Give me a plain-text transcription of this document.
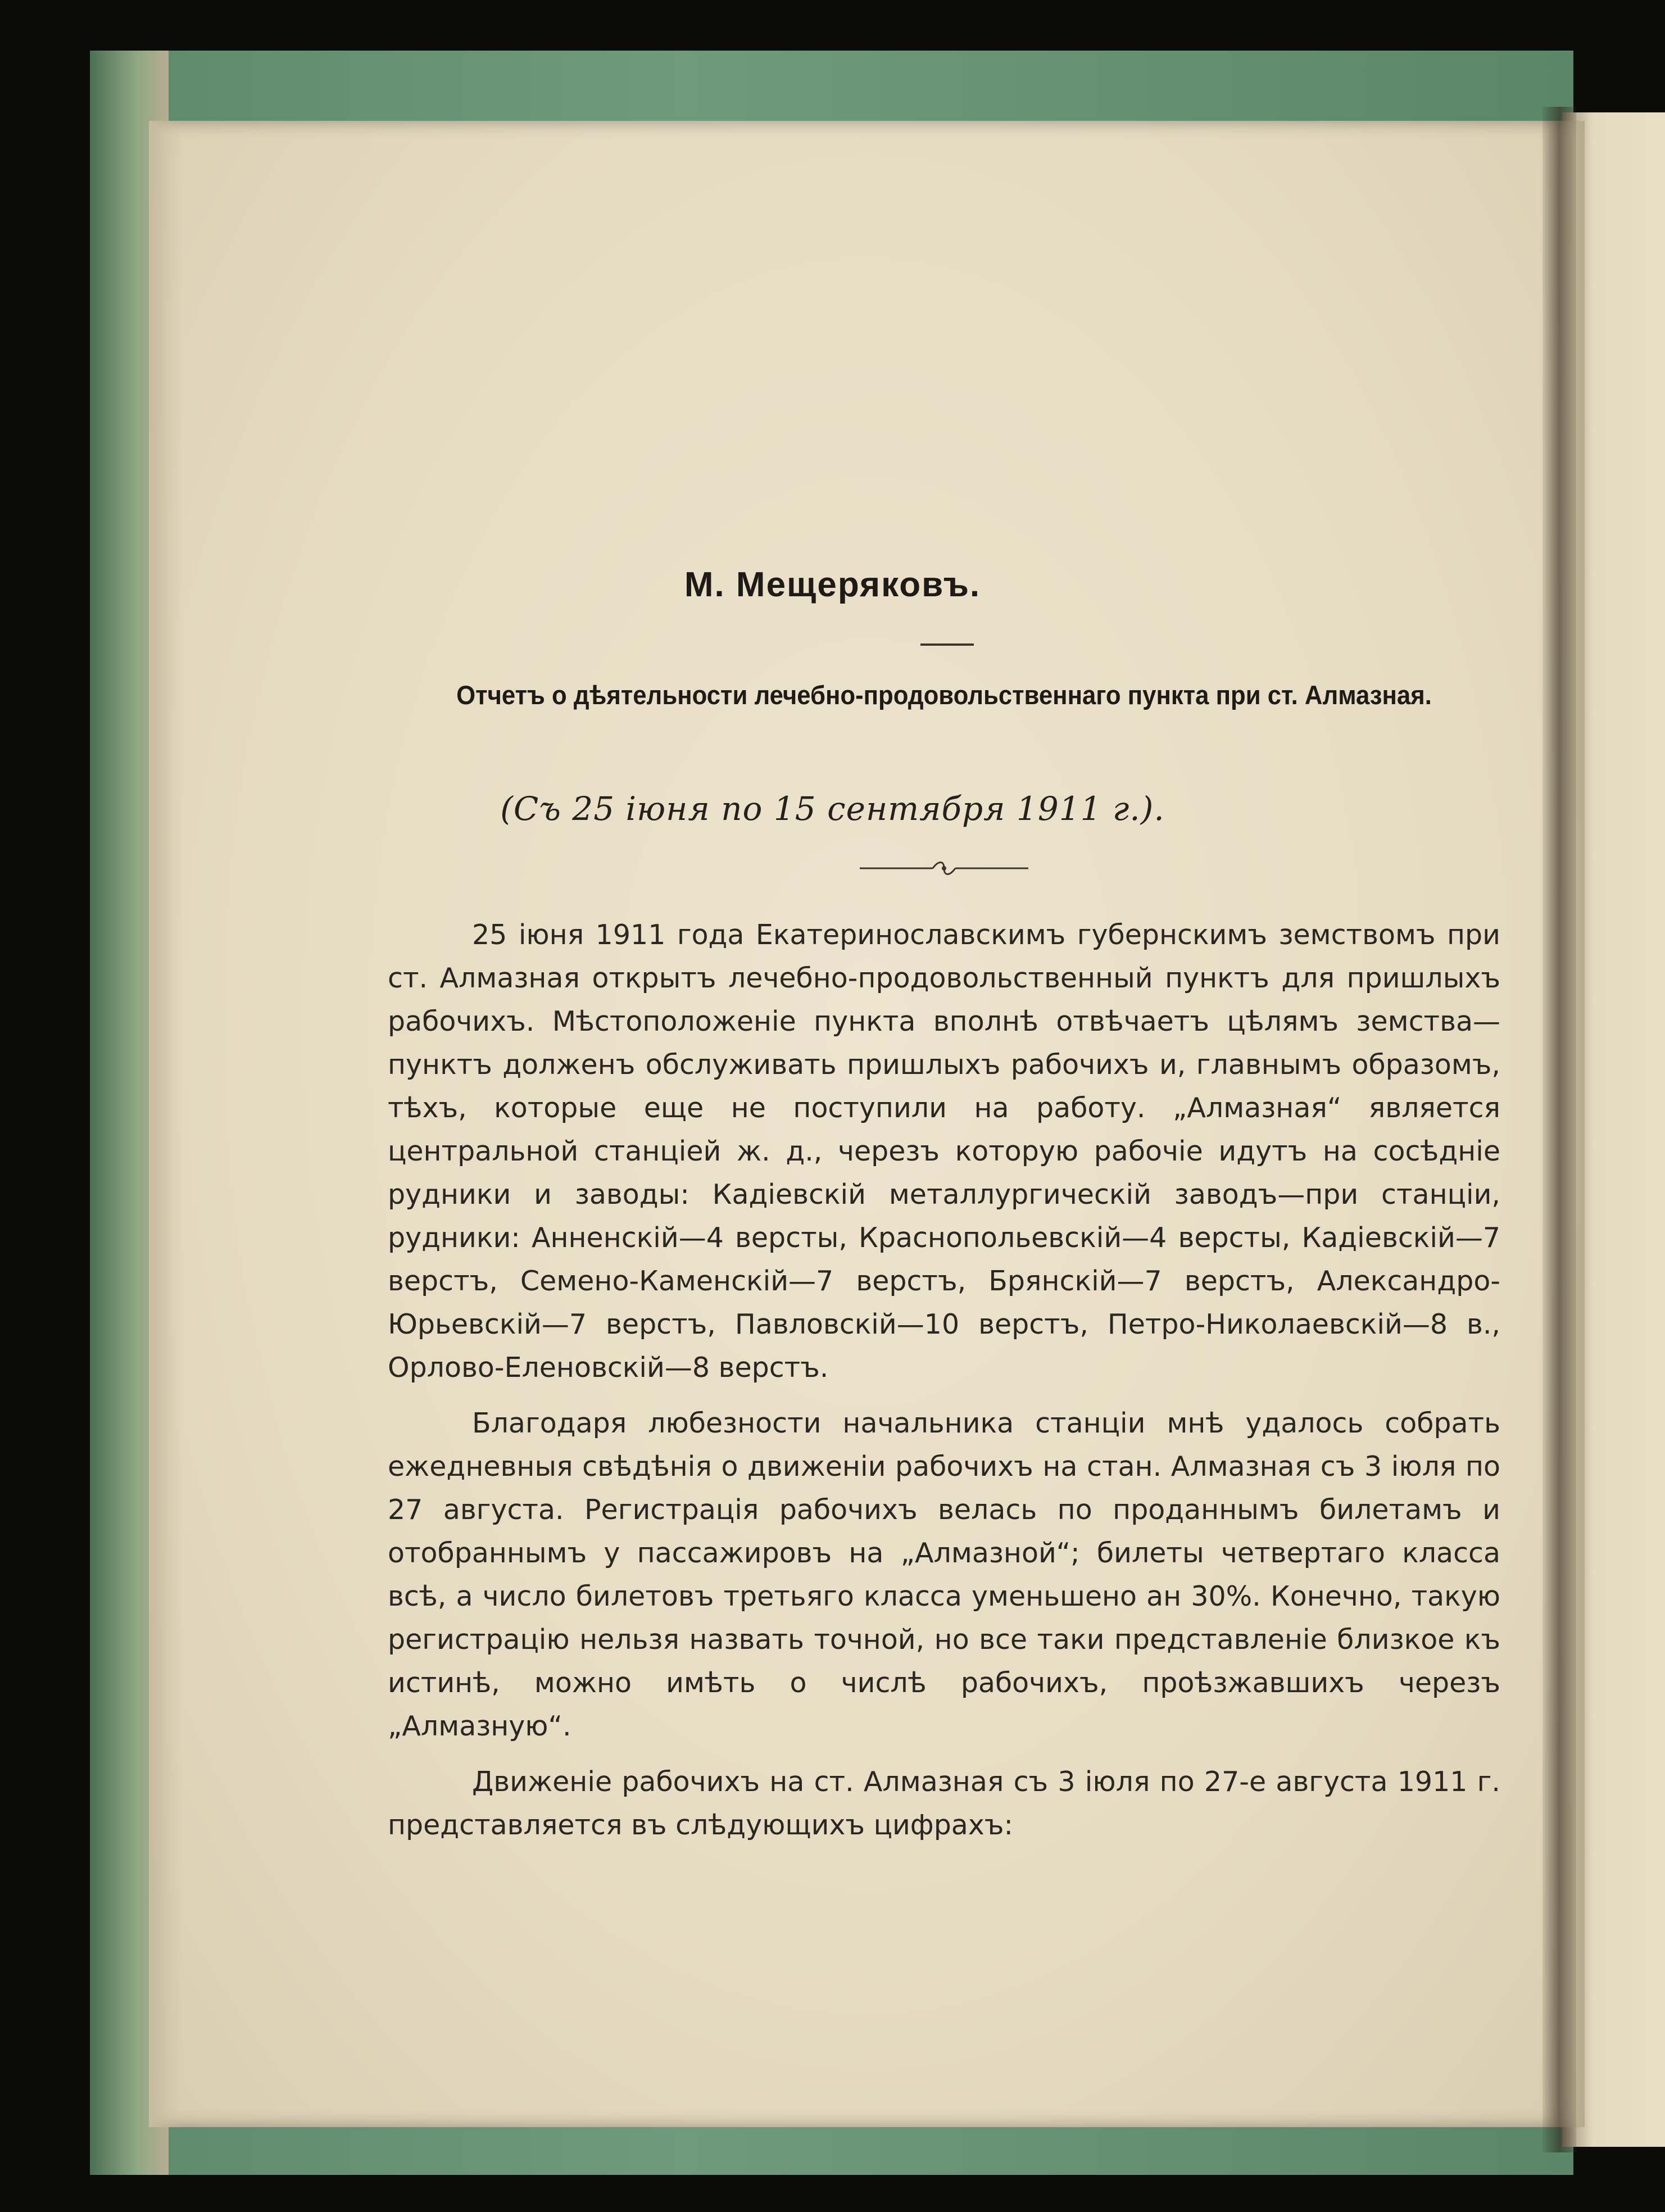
М. Мещеряковъ.
Отчетъ о дѣятельности лечебно-продовольственнаго пункта при ст. Алмазная.
(Съ 25 іюня по 15 сентября 1911 г.).

25 іюня 1911 года Екатеринославскимъ губернскимъ земствомъ при ст. Алмазная открытъ лечебно-продовольственный пунктъ для пришлыхъ рабочихъ. Мѣстоположеніе пункта вполнѣ отвѣчаетъ цѣлямъ земства—пунктъ долженъ обслуживать пришлыхъ рабочихъ и, главнымъ образомъ, тѣхъ, которые еще не поступили на работу. „Алмазная“ является центральной станціей ж. д., черезъ которую рабочіе идутъ на сосѣдніе рудники и заводы: Кадіевскій металлургическій заводъ—при станціи, рудники: Анненскій—4 версты, Краснопольевскій—4 версты, Кадіевскій—7 верстъ, Семено-Каменскій—7 верстъ, Брянскій—7 верстъ, Александро-Юрьевскій—7 верстъ, Павловскій—10 верстъ, Петро-Николаевскій—8 в., Орлово-Еленовскій—8 верстъ.

Благодаря любезности начальника станціи мнѣ удалось собрать ежедневныя свѣдѣнія о движеніи рабочихъ на стан. Алмазная съ 3 іюля по 27 августа. Регистрація рабочихъ велась по проданнымъ билетамъ и отобраннымъ у пассажировъ на „Алмазной“; билеты четвертаго класса всѣ, а число билетовъ третьяго класса уменьшено ан 30%. Конечно, такую регистрацію нельзя назвать точной, но все таки представленіе близкое къ истинѣ, можно имѣть о числѣ рабочихъ, проѣзжавшихъ черезъ „Алмазную“.

Движеніе рабочихъ на ст. Алмазная съ 3 іюля по 27-е августа 1911 г. представляется въ слѣдующихъ цифрахъ:
